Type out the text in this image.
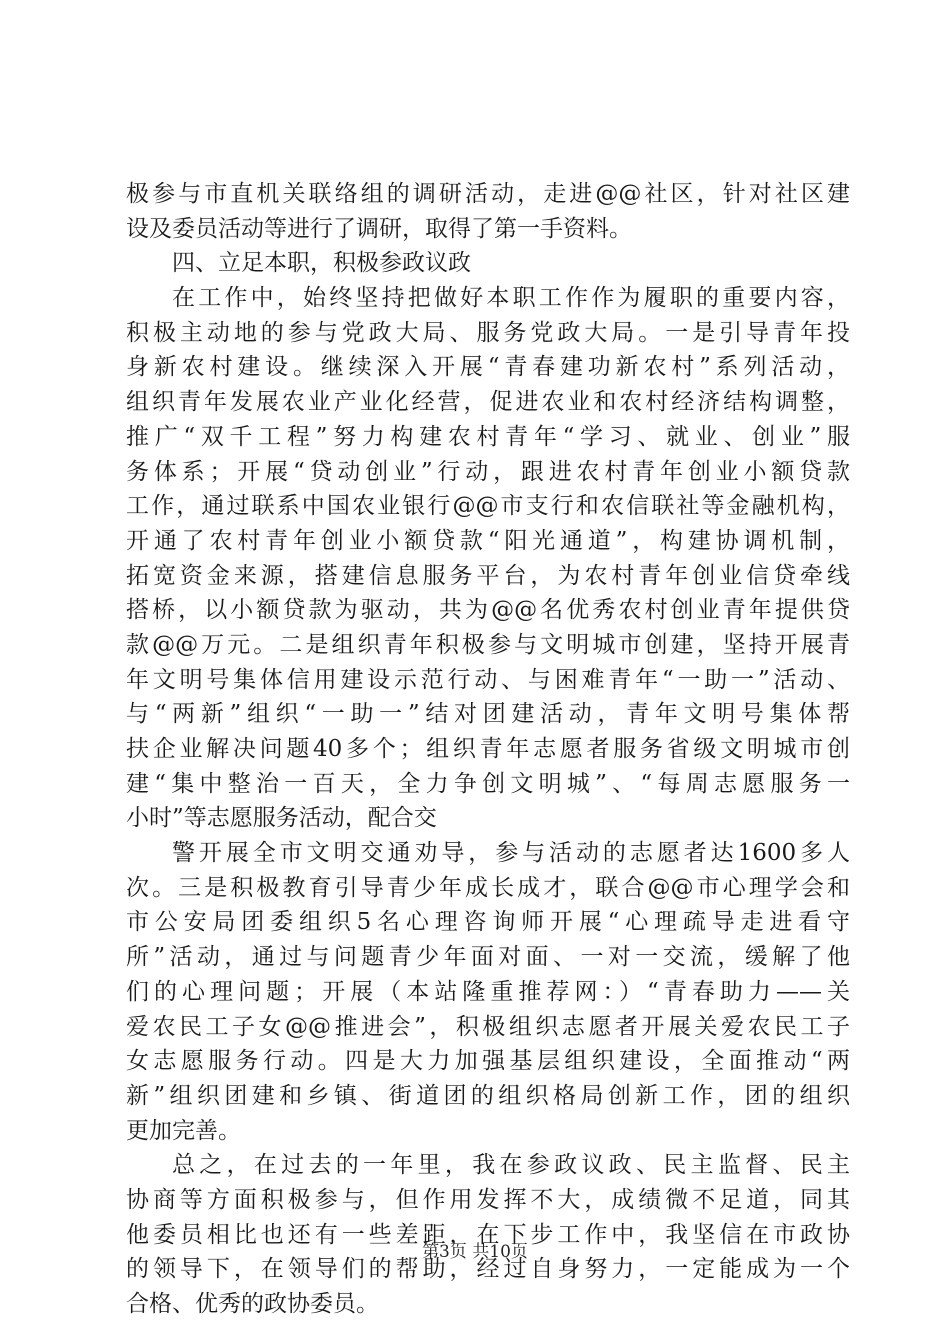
极参与市直机关联络组的调研活动，走进@@社区，针对社区建
设及委员活动等进行了调研，取得了第一手资料。
四、立足本职，积极参政议政
在工作中，始终坚持把做好本职工作作为履职的重要内容，
积极主动地的参与党政大局、服务党政大局。一是引导青年投
身新农村建设。继续深入开展“青春建功新农村”系列活动，
组织青年发展农业产业化经营，促进农业和农村经济结构调整，
推广“双千工程”努力构建农村青年“学习、就业、创业”服
务体系；开展“贷动创业”行动，跟进农村青年创业小额贷款
工作，通过联系中国农业银行@@市支行和农信联社等金融机构，
开通了农村青年创业小额贷款“阳光通道”，构建协调机制，
拓宽资金来源，搭建信息服务平台，为农村青年创业信贷牵线
搭桥，以小额贷款为驱动，共为@@名优秀农村创业青年提供贷
款@@万元。二是组织青年积极参与文明城市创建，坚持开展青
年文明号集体信用建设示范行动、与困难青年“一助一”活动、
与“两新”组织“一助一”结对团建活动，青年文明号集体帮
扶企业解决问题40多个；组织青年志愿者服务省级文明城市创
建“集中整治一百天，全力争创文明城”、“每周志愿服务一
小时”等志愿服务活动，配合交
警开展全市文明交通劝导，参与活动的志愿者达1600多人
次。三是积极教育引导青少年成长成才，联合@@市心理学会和
市公安局团委组织5名心理咨询师开展“心理疏导走进看守
所”活动，通过与问题青少年面对面、一对一交流，缓解了他
们的心理问题；开展（本站隆重推荐网：）“青春助力——关
爱农民工子女@@推进会”，积极组织志愿者开展关爱农民工子
女志愿服务行动。四是大力加强基层组织建设，全面推动“两
新”组织团建和乡镇、街道团的组织格局创新工作，团的组织
更加完善。
总之，在过去的一年里，我在参政议政、民主监督、民主
协商等方面积极参与，但作用发挥不大，成绩微不足道，同其
他委员相比也还有一些差距，在下步工作中，我坚信在市政协
的领导下，在领导们的帮助，经过自身努力，一定能成为一个
合格、优秀的政协委员。
第3页 共10页
